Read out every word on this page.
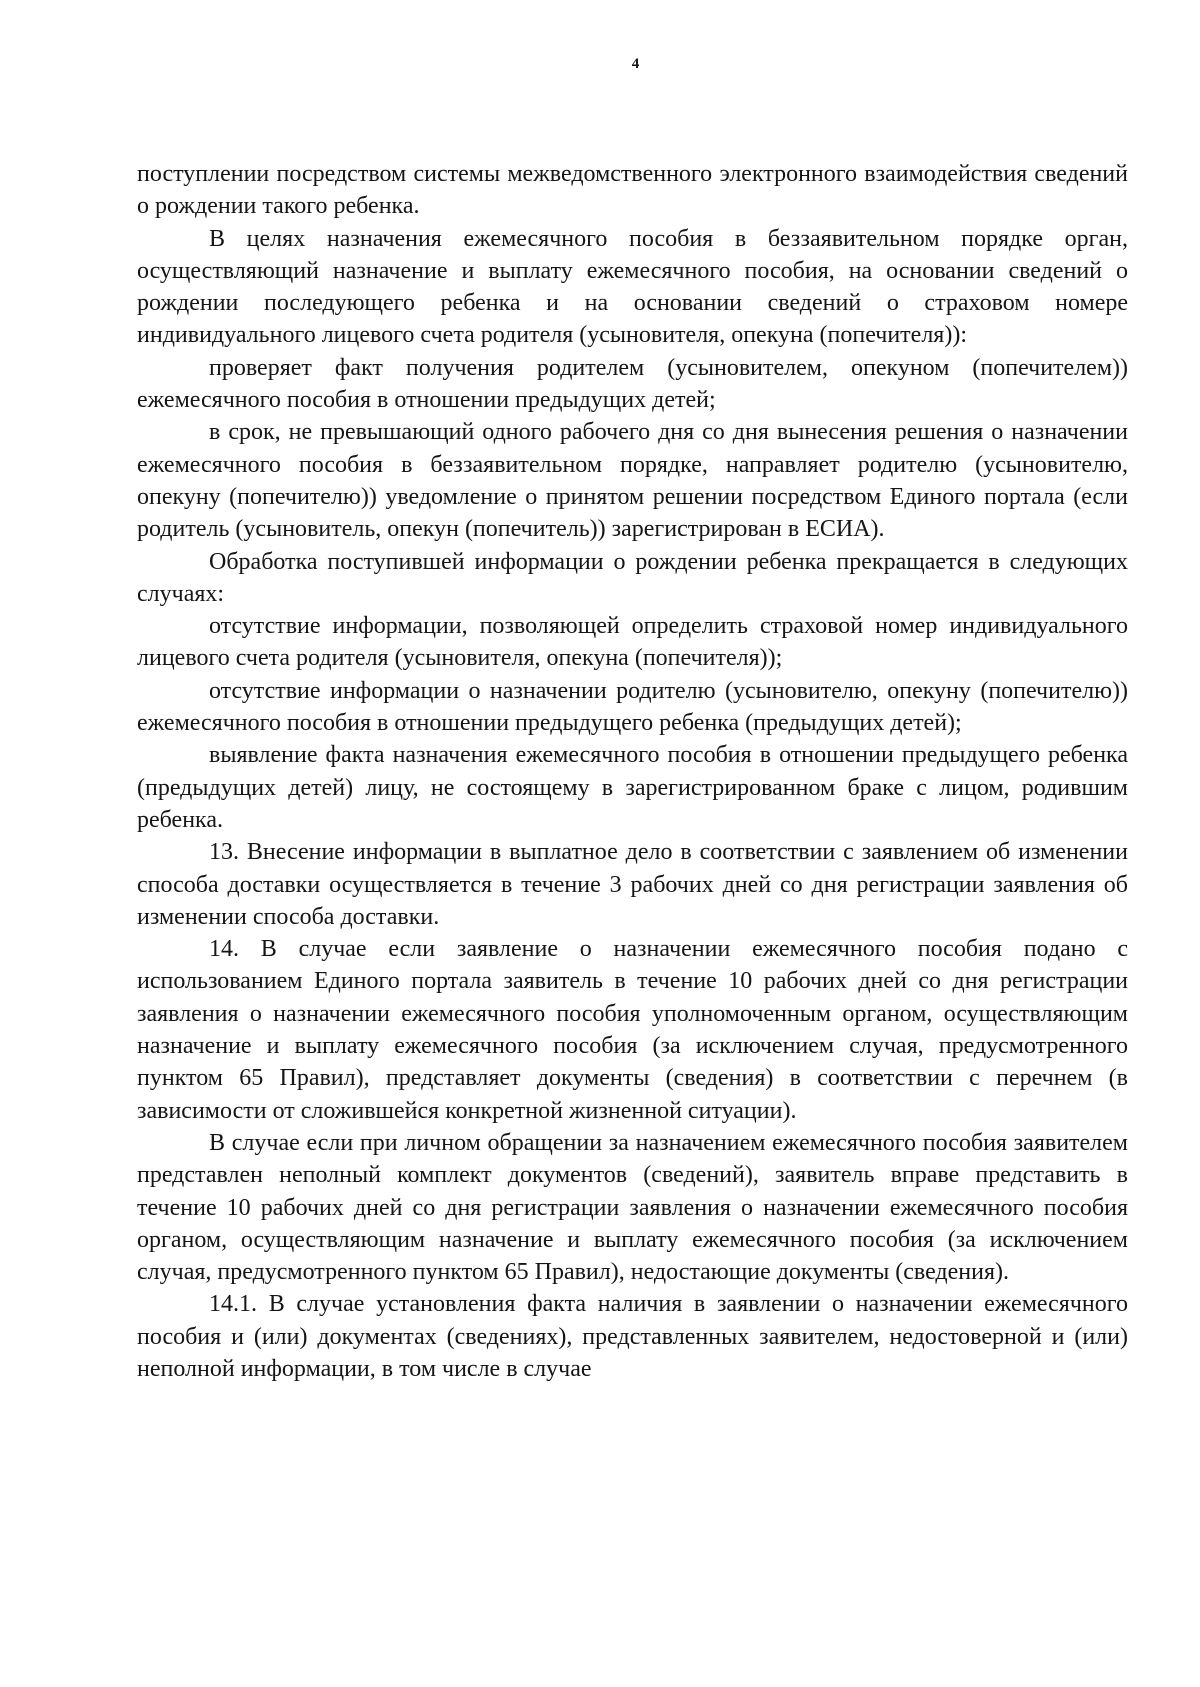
4

поступлении посредством системы межведомственного электронного взаимодействия сведений о рождении такого ребенка.

В целях назначения ежемесячного пособия в беззаявительном порядке орган, осуществляющий назначение и выплату ежемесячного пособия, на основании сведений о рождении последующего ребенка и на основании сведений о страховом номере индивидуального лицевого счета родителя (усыновителя, опекуна (попечителя)):

проверяет факт получения родителем (усыновителем, опекуном (попечителем)) ежемесячного пособия в отношении предыдущих детей;

в срок, не превышающий одного рабочего дня со дня вынесения решения о назначении ежемесячного пособия в беззаявительном порядке, направляет родителю (усыновителю, опекуну (попечителю)) уведомление о принятом решении посредством Единого портала (если родитель (усыновитель, опекун (попечитель)) зарегистрирован в ЕСИА).

Обработка поступившей информации о рождении ребенка прекращается в следующих случаях:

отсутствие информации, позволяющей определить страховой номер индивидуального лицевого счета родителя (усыновителя, опекуна (попечителя));

отсутствие информации о назначении родителю (усыновителю, опекуну (попечителю)) ежемесячного пособия в отношении предыдущего ребенка (предыдущих детей);

выявление факта назначения ежемесячного пособия в отношении предыдущего ребенка (предыдущих детей) лицу, не состоящему в зарегистрированном браке с лицом, родившим ребенка.

13. Внесение информации в выплатное дело в соответствии с заявлением об изменении способа доставки осуществляется в течение 3 рабочих дней со дня регистрации заявления об изменении способа доставки.

14. В случае если заявление о назначении ежемесячного пособия подано с использованием Единого портала заявитель в течение 10 рабочих дней со дня регистрации заявления о назначении ежемесячного пособия уполномоченным органом, осуществляющим назначение и выплату ежемесячного пособия (за исключением случая, предусмотренного пунктом 65 Правил), представляет документы (сведения) в соответствии с перечнем (в зависимости от сложившейся конкретной жизненной ситуации).

В случае если при личном обращении за назначением ежемесячного пособия заявителем представлен неполный комплект документов (сведений), заявитель вправе представить в течение 10 рабочих дней со дня регистрации заявления о назначении ежемесячного пособия органом, осуществляющим назначение и выплату ежемесячного пособия (за исключением случая, предусмотренного пунктом 65 Правил), недостающие документы (сведения).

14.1. В случае установления факта наличия в заявлении о назначении ежемесячного пособия и (или) документах (сведениях), представленных заявителем, недостоверной и (или) неполной информации, в том числе в случае
